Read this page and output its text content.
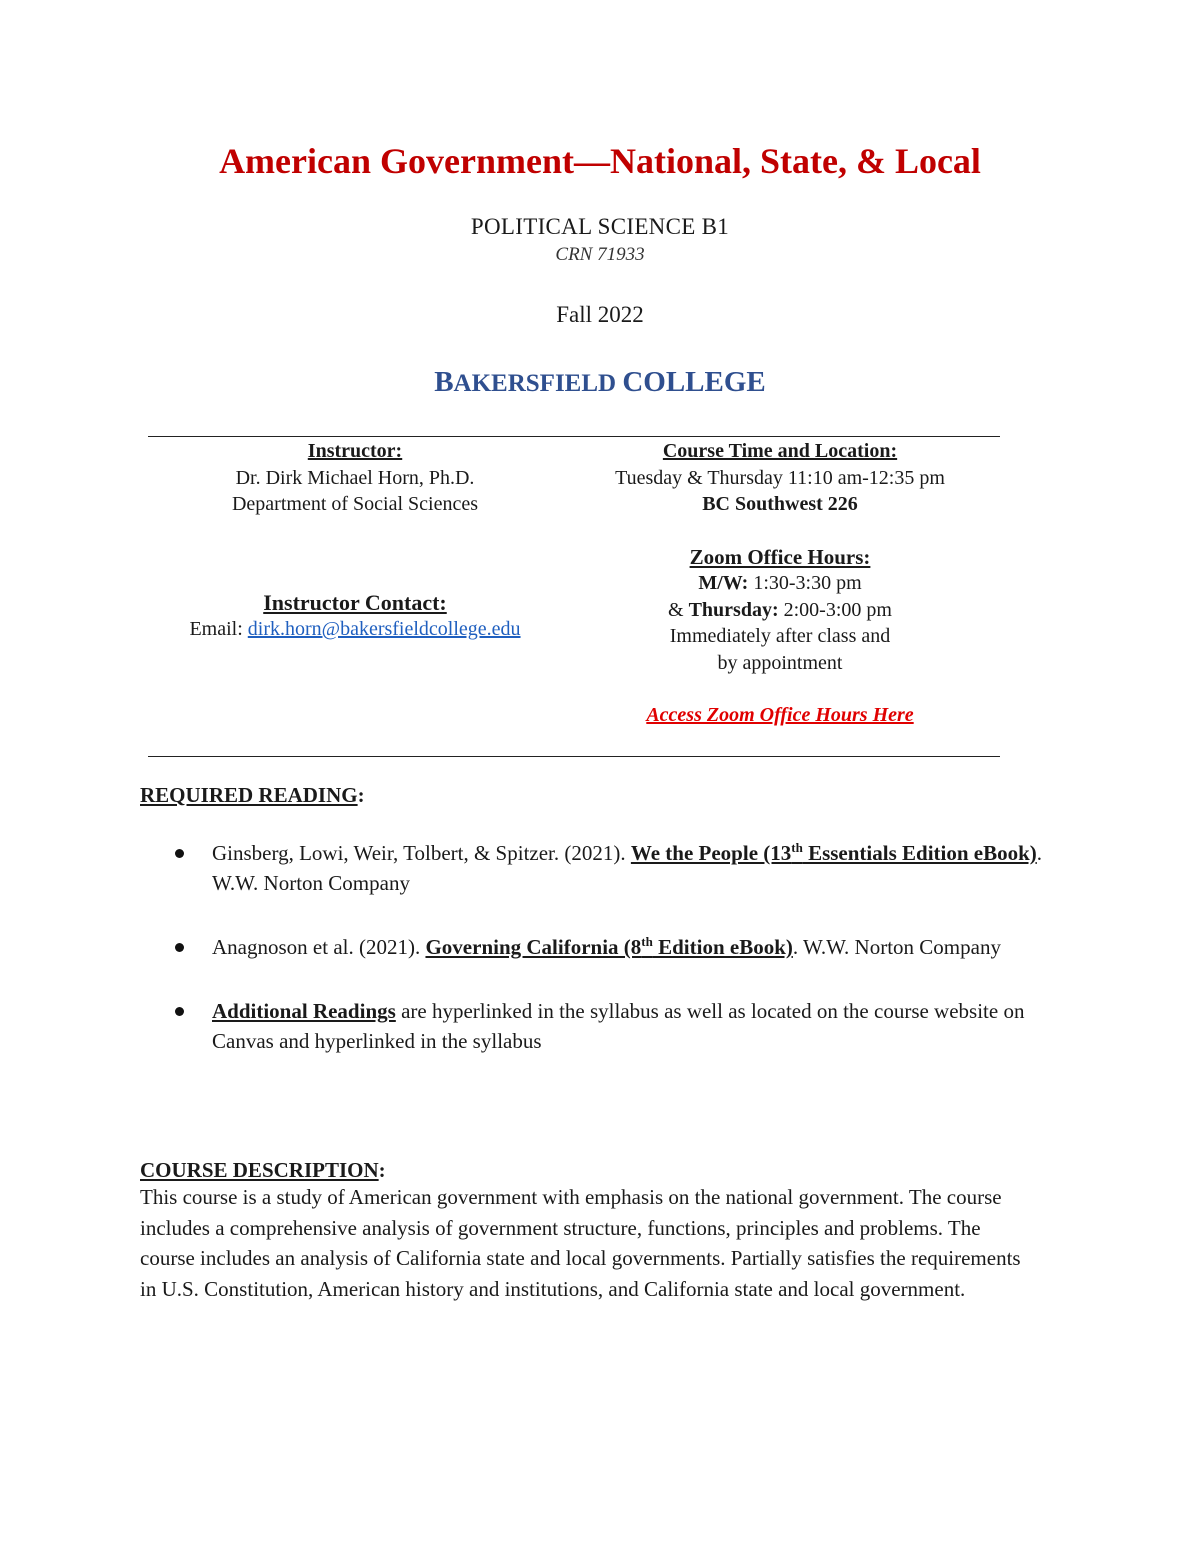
American Government—National, State, & Local
POLITICAL SCIENCE B1
CRN 71933
Fall 2022
BAKERSFIELD COLLEGE
Instructor:
Dr. Dirk Michael Horn, Ph.D.
Department of Social Sciences
Instructor Contact:
Email: dirk.horn@bakersfieldcollege.edu
Course Time and Location:
Tuesday & Thursday 11:10 am-12:35 pm
BC Southwest 226
Zoom Office Hours:
M/W: 1:30-3:30 pm
& Thursday: 2:00-3:00 pm
Immediately after class and
by appointment
Access Zoom Office Hours Here
REQUIRED READING:
Ginsberg, Lowi, Weir, Tolbert, & Spitzer. (2021). We the People (13th Essentials Edition eBook). W.W. Norton Company
Anagnoson et al. (2021). Governing California (8th Edition eBook). W.W. Norton Company
Additional Readings are hyperlinked in the syllabus as well as located on the course website on Canvas and hyperlinked in the syllabus
COURSE DESCRIPTION:
This course is a study of American government with emphasis on the national government. The course includes a comprehensive analysis of government structure, functions, principles and problems. The course includes an analysis of California state and local governments. Partially satisfies the requirements in U.S. Constitution, American history and institutions, and California state and local government.
